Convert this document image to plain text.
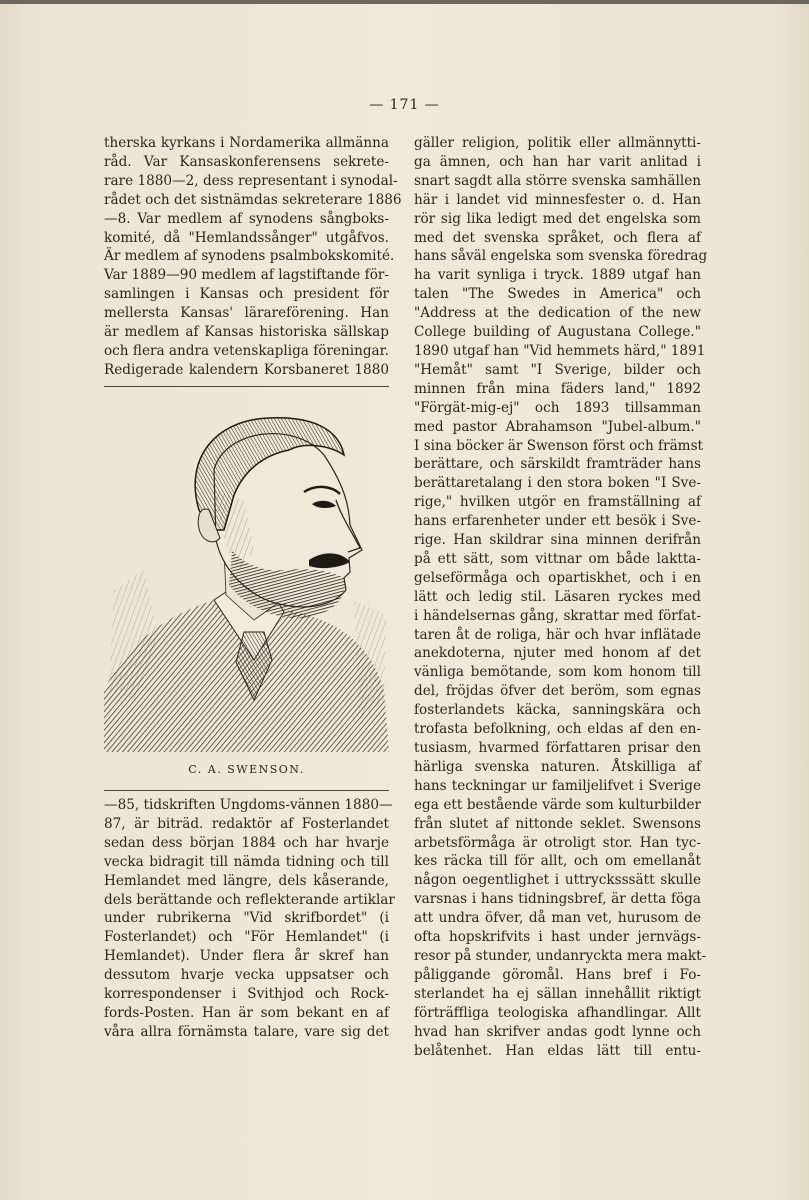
— 171 —
therska kyrkans i Nordamerika allmänna
råd. Var Kansaskonferensens sekrete-
rare 1880—2, dess representant i synodal-
rådet och det sistnämdas sekreterare 1886
—8. Var medlem af synodens sångboks-
komité, då "Hemlandssånger" utgåfvos.
Är medlem af synodens psalmbokskomité.
Var 1889—90 medlem af lagstiftande för-
samlingen i Kansas och president för
mellersta Kansas' lärareförening. Han
är medlem af Kansas historiska sällskap
och flera andra vetenskapliga föreningar.
Redigerade kalendern Korsbaneret 1880
C. A. SWENSON.
—85, tidskriften Ungdoms-vännen 1880—
87, är biträd. redaktör af Fosterlandet
sedan dess början 1884 och har hvarje
vecka bidragit till nämda tidning och till
Hemlandet med längre, dels kåserande,
dels berättande och reflekterande artiklar
under rubrikerna "Vid skrifbordet" (i
Fosterlandet) och "För Hemlandet" (i
Hemlandet). Under flera år skref han
dessutom hvarje vecka uppsatser och
korrespondenser i Svithjod och Rock-
fords-Posten. Han är som bekant en af
våra allra förnämsta talare, vare sig det
gäller religion, politik eller allmännytti-
ga ämnen, och han har varit anlitad i
snart sagdt alla större svenska samhällen
här i landet vid minnesfester o. d. Han
rör sig lika ledigt med det engelska som
med det svenska språket, och flera af
hans såväl engelska som svenska föredrag
ha varit synliga i tryck. 1889 utgaf han
talen "The Swedes in America" och
"Address at the dedication of the new
College building of Augustana College."
1890 utgaf han "Vid hemmets härd," 1891
"Hemåt" samt "I Sverige, bilder och
minnen från mina fäders land," 1892
"Förgät-mig-ej" och 1893 tillsamman
med pastor Abrahamson "Jubel-album."
I sina böcker är Swenson först och främst
berättare, och särskildt framträder hans
berättaretalang i den stora boken "I Sve-
rige," hvilken utgör en framställning af
hans erfarenheter under ett besök i Sve-
rige. Han skildrar sina minnen derifrån
på ett sätt, som vittnar om både laktta-
gelseförmåga och opartiskhet, och i en
lätt och ledig stil. Läsaren ryckes med
i händelsernas gång, skrattar med förfat-
taren åt de roliga, här och hvar inflätade
anekdoterna, njuter med honom af det
vänliga bemötande, som kom honom till
del, fröjdas öfver det beröm, som egnas
fosterlandets käcka, sanningskära och
trofasta befolkning, och eldas af den en-
tusiasm, hvarmed författaren prisar den
härliga svenska naturen. Åtskilliga af
hans teckningar ur familjelifvet i Sverige
ega ett bestående värde som kulturbilder
från slutet af nittonde seklet. Swensons
arbetsförmåga är otroligt stor. Han tyc-
kes räcka till för allt, och om emellanåt
någon oegentlighet i uttrycksssätt skulle
varsnas i hans tidningsbref, är detta föga
att undra öfver, då man vet, hurusom de
ofta hopskrifvits i hast under jernvägs-
resor på stunder, undanryckta mera makt-
påliggande göromål. Hans bref i Fo-
sterlandet ha ej sällan innehållit riktigt
förträffliga teologiska afhandlingar. Allt
hvad han skrifver andas godt lynne och
belåtenhet. Han eldas lätt till entu-
